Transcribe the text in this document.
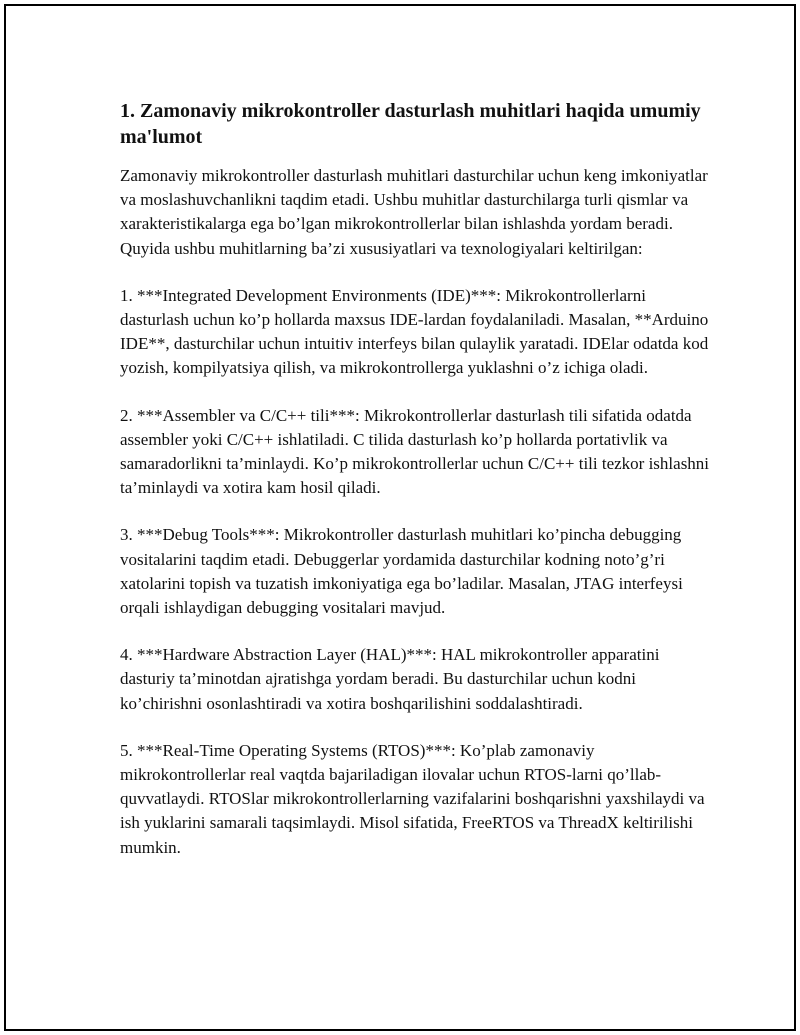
1. Zamonaviy mikrokontroller dasturlash muhitlari haqida umumiy ma'lumot

Zamonaviy mikrokontroller dasturlash muhitlari dasturchilar uchun keng imkoniyatlar va moslashuvchanlikni taqdim etadi. Ushbu muhitlar dasturchilarga turli qismlar va xarakteristikalarga ega bo’lgan mikrokontrollerlar bilan ishlashda yordam beradi. Quyida ushbu muhitlarning ba’zi xususiyatlari va texnologiyalari keltirilgan:

1. ***Integrated Development Environments (IDE)***: Mikrokontrollerlarni dasturlash uchun ko’p hollarda maxsus IDE-lardan foydalaniladi. Masalan, **Arduino IDE**, dasturchilar uchun intuitiv interfeys bilan qulaylik yaratadi. IDElar odatda kod yozish, kompilyatsiya qilish, va mikrokontrollerga yuklashni o’z ichiga oladi.

2. ***Assembler va C/C++ tili***: Mikrokontrollerlar dasturlash tili sifatida odatda assembler yoki C/C++ ishlatiladi. C tilida dasturlash ko’p hollarda portativlik va samaradorlikni ta’minlaydi. Ko’p mikrokontrollerlar uchun C/C++ tili tezkor ishlashni ta’minlaydi va xotira kam hosil qiladi.

3. ***Debug Tools***: Mikrokontroller dasturlash muhitlari ko’pincha debugging vositalarini taqdim etadi. Debuggerlar yordamida dasturchilar kodning noto’g’ri xatolarini topish va tuzatish imkoniyatiga ega bo’ladilar. Masalan, JTAG interfeysi orqali ishlaydigan debugging vositalari mavjud.

4. ***Hardware Abstraction Layer (HAL)***: HAL mikrokontroller apparatini dasturiy ta’minotdan ajratishga yordam beradi. Bu dasturchilar uchun kodni ko’chirishni osonlashtiradi va xotira boshqarilishini soddalashtiradi.

5. ***Real-Time Operating Systems (RTOS)***: Ko’plab zamonaviy mikrokontrollerlar real vaqtda bajariladigan ilovalar uchun RTOS-larni qo’llab-quvvatlaydi. RTOSlar mikrokontrollerlarning vazifalarini boshqarishni yaxshilaydi va ish yuklarini samarali taqsimlaydi. Misol sifatida, FreeRTOS va ThreadX keltirilishi mumkin.
